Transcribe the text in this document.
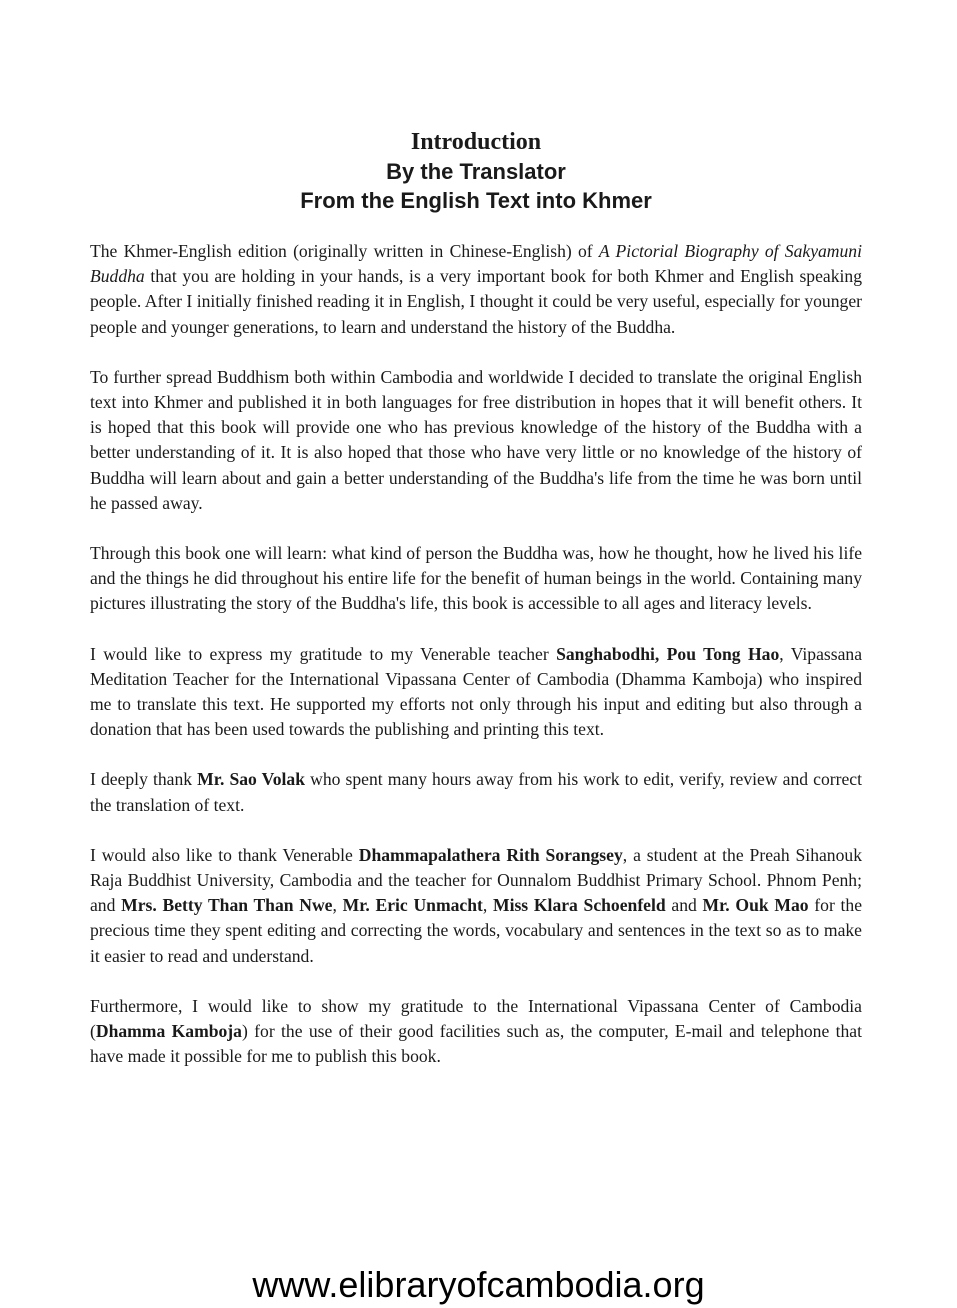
Introduction

By the Translator

From the English Text into Khmer

The Khmer-English edition (originally written in Chinese-English) of A Pictorial Biography of Sakyamuni Buddha that you are holding in your hands, is a very important book for both Khmer and English speaking people. After I initially finished reading it in English, I thought it could be very useful, especially for younger people and younger generations, to learn and understand the history of the Buddha.

To further spread Buddhism both within Cambodia and worldwide I decided to translate the original English text into Khmer and published it in both languages for free distribution in hopes that it will benefit others. It is hoped that this book will provide one who has previous knowledge of the history of the Buddha with a better understanding of it. It is also hoped that those who have very little or no knowledge of the history of Buddha will learn about and gain a better understanding of the Buddha's life from the time he was born until he passed away.

Through this book one will learn: what kind of person the Buddha was, how he thought, how he lived his life and the things he did throughout his entire life for the benefit of human beings in the world. Containing many pictures illustrating the story of the Buddha's life, this book is accessible to all ages and literacy levels.

I would like to express my gratitude to my Venerable teacher Sanghabodhi, Pou Tong Hao, Vipassana Meditation Teacher for the International Vipassana Center of Cambodia (Dhamma Kamboja) who inspired me to translate this text. He supported my efforts not only through his input and editing but also through a donation that has been used towards the publishing and printing this text.

I deeply thank Mr. Sao Volak who spent many hours away from his work to edit, verify, review and correct the translation of text.

I would also like to thank Venerable Dhammapalathera Rith Sorangsey, a student at the Preah Sihanouk Raja Buddhist University, Cambodia and the teacher for Ounnalom Buddhist Primary School. Phnom Penh; and Mrs. Betty Than Than Nwe, Mr. Eric Unmacht, Miss Klara Schoenfeld and Mr. Ouk Mao for the precious time they spent editing and correcting the words, vocabulary and sentences in the text so as to make it easier to read and understand.

Furthermore, I would like to show my gratitude to the International Vipassana Center of Cambodia (Dhamma Kamboja) for the use of their good facilities such as, the computer, E-mail and telephone that have made it possible for me to publish this book.

www.elibraryofcambodia.org
